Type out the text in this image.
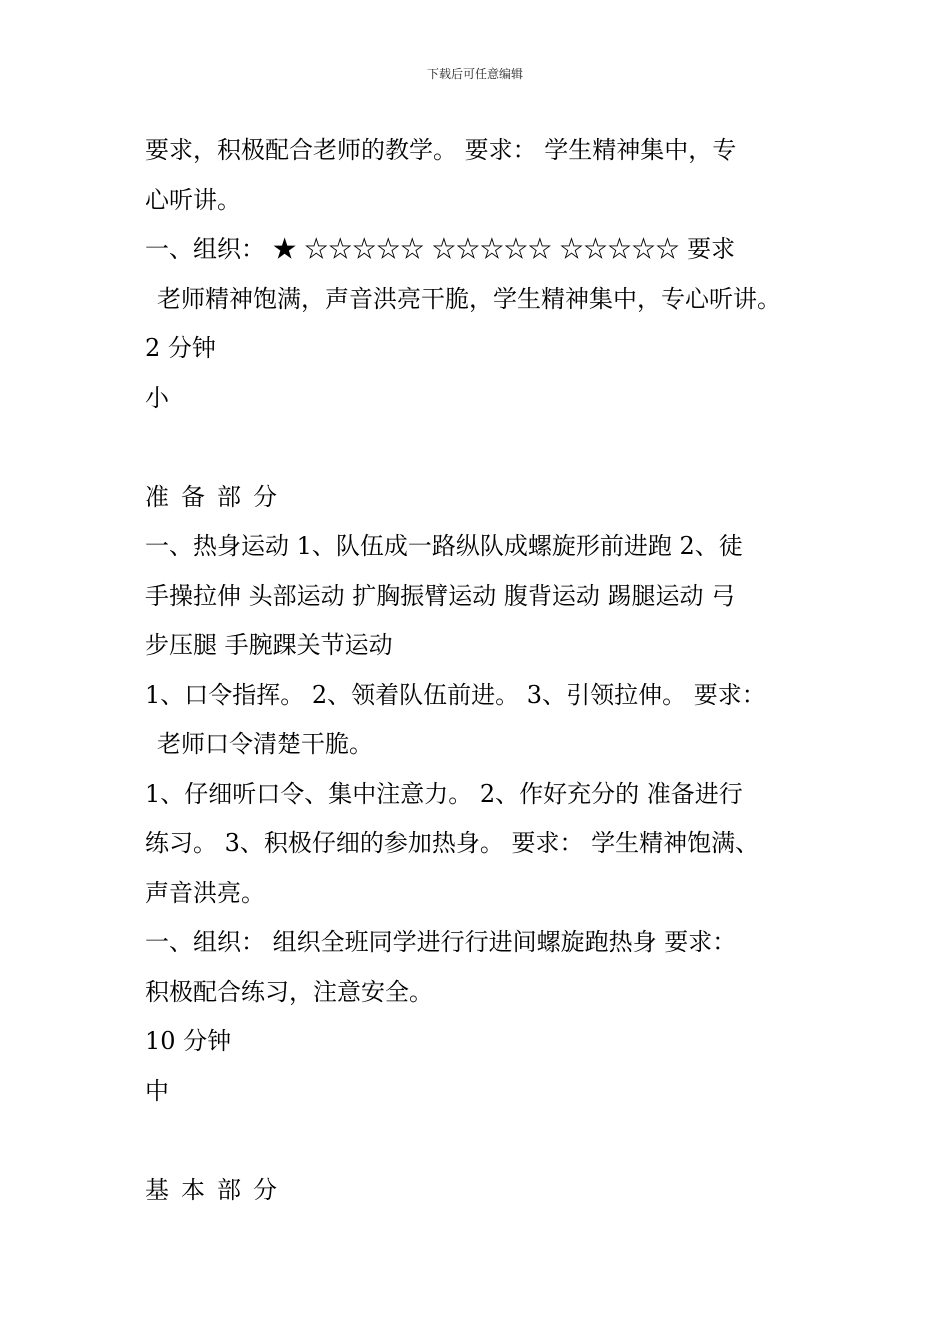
下载后可任意编辑
要求，积极配合老师的教学。 要求： 学生精神集中，专
心听讲。
一、组织： ★ ☆☆☆☆☆ ☆☆☆☆☆ ☆☆☆☆☆ 要求
老师精神饱满，声音洪亮干脆，学生精神集中，专心听讲。
2 分钟
小
准备部分
一、热身运动 1、队伍成一路纵队成螺旋形前进跑 2、徒
手操拉伸 头部运动 扩胸振臂运动 腹背运动 踢腿运动 弓
步压腿 手腕踝关节运动
1、口令指挥。 2、领着队伍前进。 3、引领拉伸。 要求：
老师口令清楚干脆。
1、仔细听口令、集中注意力。 2、作好充分的 准备进行
练习。 3、积极仔细的参加热身。 要求： 学生精神饱满、
声音洪亮。
一、组织： 组织全班同学进行行进间螺旋跑热身 要求：
积极配合练习，注意安全。
10 分钟
中
基本部分
